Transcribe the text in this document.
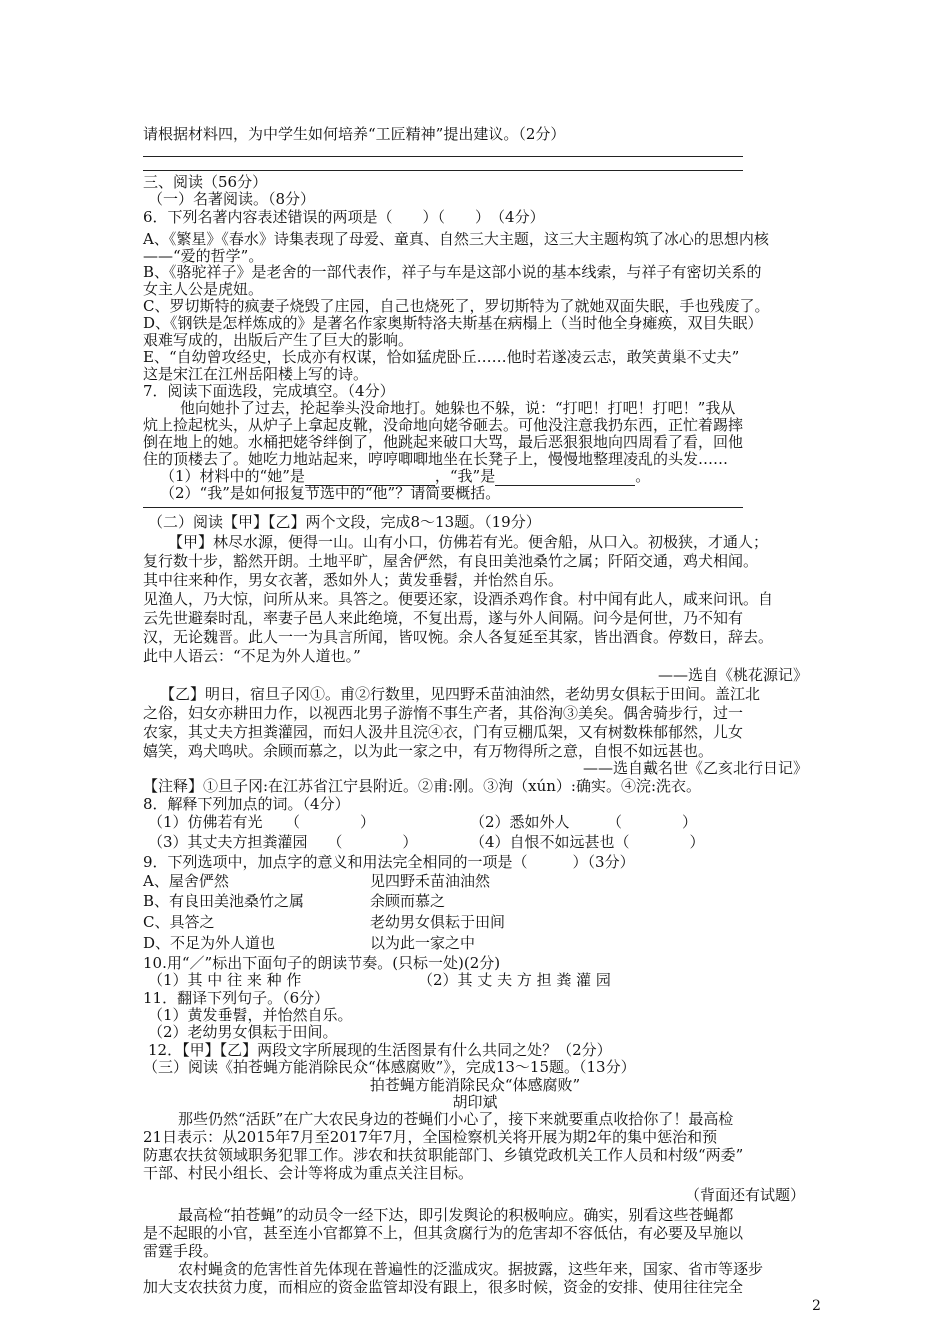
请根据材料四，为中学生如何培养“工匠精神”提出建议。（2分）
三、阅读（56分）
（一）名著阅读。（8分）
6．下列名著内容表述错误的两项是（　　）（　　）　（4分）
A、《繁星》《春水》诗集表现了母爱、童真、自然三大主题，这三大主题构筑了冰心的思想内核
——“爱的哲学”。
B、《骆驼祥子》是老舍的一部代表作，祥子与车是这部小说的基本线索，与祥子有密切关系的
女主人公是虎妞。
C、罗切斯特的疯妻子烧毁了庄园，自己也烧死了，罗切斯特为了就她双面失眠，手也残废了。
D、《钢铁是怎样炼成的》是著名作家奥斯特洛夫斯基在病榻上（当时他全身瘫痪，双目失眠）
艰难写成的，出版后产生了巨大的影响。
E、“自幼曾攻经史，长成亦有权谋，恰如猛虎卧丘……他时若遂凌云志，敢笑黄巢不丈夫”
这是宋江在江州岳阳楼上写的诗。
7．阅读下面选段，完成填空。（4分）
他向她扑了过去，抡起拳头没命地打。她躲也不躲，说：“打吧！打吧！打吧！”我从
炕上捡起枕头，从炉子上拿起皮靴，没命地向姥爷砸去。可他没注意我扔东西，正忙着踢摔
倒在地上的她。水桶把姥爷绊倒了，他跳起来破口大骂，最后恶狠狠地向四周看了看，回他
住的顶楼去了。她吃力地站起来，哼哼唧唧地坐在长凳子上，慢慢地整理凌乱的头发……
（1）材料中的“她”是	，“我”是	。
（2）“我”是如何报复节选中的“他”？请简要概括。
（二）阅读【甲】【乙】两个文段，完成8～13题。（19分）
【甲】林尽水源，便得一山。山有小口，仿佛若有光。便舍船，从口入。初极狭，才通人；
复行数十步，豁然开朗。土地平旷，屋舍俨然，有良田美池桑竹之属；阡陌交通，鸡犬相闻。
其中往来种作，男女衣著，悉如外人；黄发垂髫，并怡然自乐。
见渔人，乃大惊，问所从来。具答之。便要还家，设酒杀鸡作食。村中闻有此人，咸来问讯。自
云先世避秦时乱，率妻子邑人来此绝境，不复出焉，遂与外人间隔。问今是何世，乃不知有
汉，无论魏晋。此人一一为具言所闻，皆叹惋。余人各复延至其家，皆出酒食。停数日，辞去。
此中人语云：“不足为外人道也。”
——选自《桃花源记》
【乙】明日，宿旦子冈①。甫②行数里，见四野禾苗油油然，老幼男女俱耘于田间。盖江北
之俗，妇女亦耕田力作，以视西北男子游惰不事生产者，其俗洵③美矣。偶舍骑步行，过一
农家，其丈夫方担粪灌园，而妇人汲井且浣④衣，门有豆棚瓜架，又有树数株郁郁然，儿女
嬉笑，鸡犬鸣吠。余顾而慕之，以为此一家之中，有万物得所之意，自恨不如远甚也。
——选自戴名世《乙亥北行日记》
【注释】①旦子冈:在江苏省江宁县附近。②甫:刚。③洵（xún）:确实。④浣:洗衣。
8．解释下列加点的词。（4分）
（1）仿佛若有光　　（　　　　）	（2）悉如外人　　　（　　　　）
（3）其丈夫方担粪灌园　 （　　　　）	（4）自恨不如远甚也（　　　　）
9．下列选项中，加点字的意义和用法完全相同的一项是（　　　）（3分）
A、屋舍俨然	见四野禾苗油油然
B、有良田美池桑竹之属	余顾而慕之
C、具答之	老幼男女俱耘于田间
D、不足为外人道也	以为此一家之中
10.用“／”标出下面句子的朗读节奏。(只标一处)(2分)
（1）其 中 往 来 种 作	（2）其 丈 夫 方 担 粪 灌 园
11．翻译下列句子。（6分）
（1）黄发垂髫，并怡然自乐。
（2）老幼男女俱耘于田间。
12．【甲】【乙】两段文字所展现的生活图景有什么共同之处？（2分）
（三）阅读《拍苍蝇方能消除民众“体感腐败”》，完成13～15题。（13分）
拍苍蝇方能消除民众“体感腐败”
胡印斌
那些仍然“活跃”在广大农民身边的苍蝇们小心了，接下来就要重点收拾你了！最高检
21日表示：从2015年7月至2017年7月，全国检察机关将开展为期2年的集中惩治和预
防惠农扶贫领域职务犯罪工作。涉农和扶贫职能部门、乡镇党政机关工作人员和村级“两委”
干部、村民小组长、会计等将成为重点关注目标。
（背面还有试题）
最高检“拍苍蝇”的动员令一经下达，即引发舆论的积极响应。确实，别看这些苍蝇都
是不起眼的小官，甚至连小官都算不上，但其贪腐行为的危害却不容低估，有必要及早施以
雷霆手段。
农村蝇贪的危害性首先体现在普遍性的泛滥成灾。据披露，这些年来，国家、省市等逐步
加大支农扶贫力度，而相应的资金监管却没有跟上，很多时候，资金的安排、使用往往完全
2
